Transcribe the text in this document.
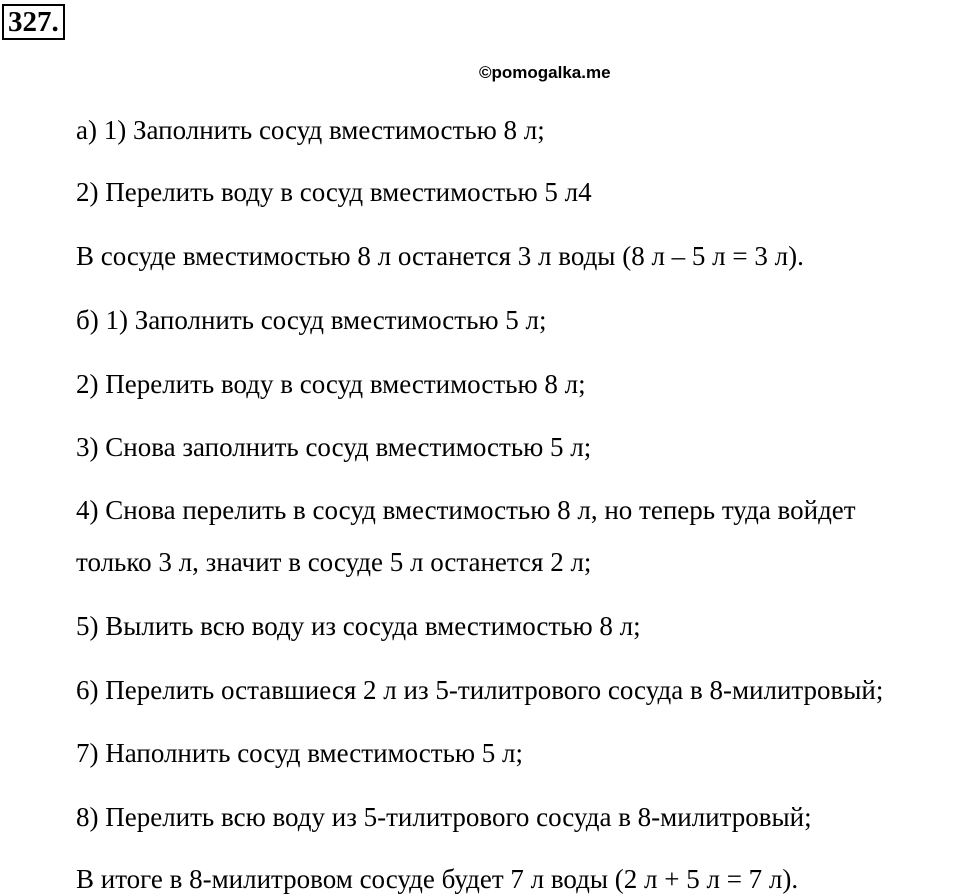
327.
©pomogalka.me
а) 1) Заполнить сосуд вместимостью 8 л;
2) Перелить воду в сосуд вместимостью 5 л4
В сосуде вместимостью 8 л останется 3 л воды (8 л – 5 л = 3 л).
б) 1) Заполнить сосуд вместимостью 5 л;
2) Перелить воду в сосуд вместимостью 8 л;
3) Снова заполнить сосуд вместимостью 5 л;
4) Снова перелить в сосуд вместимостью 8 л, но теперь туда войдет
только 3 л, значит в сосуде 5 л останется 2 л;
5) Вылить всю воду из сосуда вместимостью 8 л;
6) Перелить оставшиеся 2 л из 5-тилитрового сосуда в 8-милитровый;
7) Наполнить сосуд вместимостью 5 л;
8) Перелить всю воду из 5-тилитрового сосуда в 8-милитровый;
В итоге в 8-милитровом сосуде будет 7 л воды (2 л + 5 л = 7 л).
